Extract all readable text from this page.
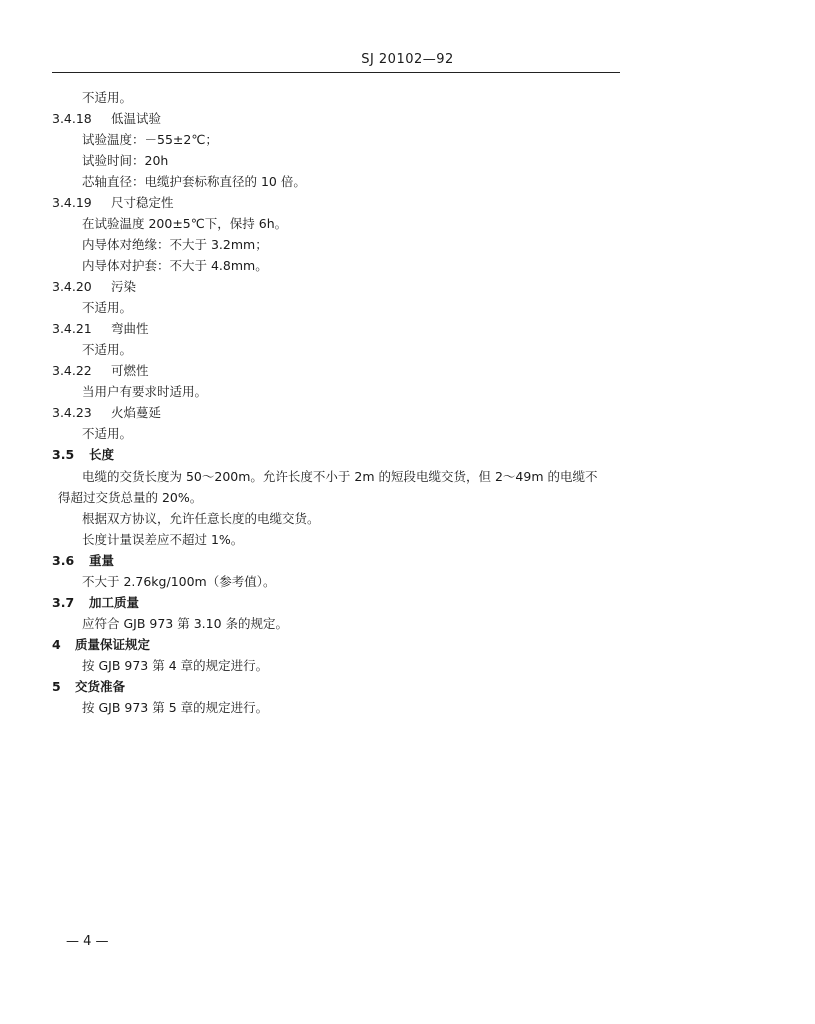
SJ 20102—92
不适用。
3.4.18 低温试验
试验温度：－55±2℃；
试验时间：20h
芯轴直径：电缆护套标称直径的 10 倍。
3.4.19 尺寸稳定性
在试验温度 200±5℃下，保持 6h。
内导体对绝缘：不大于 3.2mm；
内导体对护套：不大于 4.8mm。
3.4.20 污染
不适用。
3.4.21 弯曲性
不适用。
3.4.22 可燃性
当用户有要求时适用。
3.4.23 火焰蔓延
不适用。
3.5 长度
电缆的交货长度为 50～200m。允许长度不小于 2m 的短段电缆交货，但 2～49m 的电缆不
得超过交货总量的 20%。
根据双方协议，允许任意长度的电缆交货。
长度计量误差应不超过 1%。
3.6 重量
不大于 2.76kg/100m（参考值）。
3.7 加工质量
应符合 GJB 973 第 3.10 条的规定。
4 质量保证规定
按 GJB 973 第 4 章的规定进行。
5 交货准备
按 GJB 973 第 5 章的规定进行。
— 4 —
